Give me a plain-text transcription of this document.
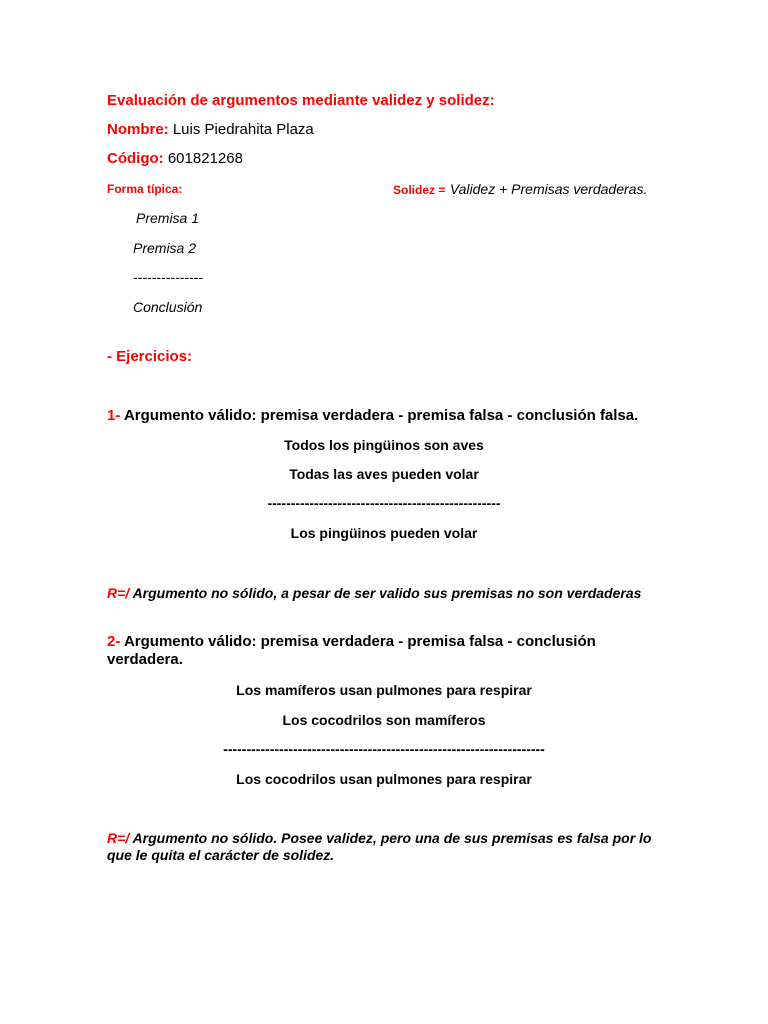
Evaluación de argumentos mediante validez y solidez:
Nombre: Luis Piedrahita Plaza
Código: 601821268
Forma típica:	Solidez = Validez + Premisas verdaderas.
Premisa 1
Premisa 2
---------------
Conclusión
- Ejercicios:
1- Argumento válido: premisa verdadera - premisa falsa - conclusión falsa.
Todos los pingüinos son aves
Todas las aves pueden volar
--------------------------------------------------
Los pingüinos pueden volar
R=/ Argumento no sólido, a pesar de ser valido sus premisas no son verdaderas
2- Argumento válido: premisa verdadera - premisa falsa - conclusión verdadera.
Los mamíferos usan pulmones para respirar
Los cocodrilos son mamíferos
---------------------------------------------------------------------
Los cocodrilos usan pulmones para respirar
R=/ Argumento no sólido. Posee validez, pero una de sus premisas es falsa por lo que le quita el carácter de solidez.
